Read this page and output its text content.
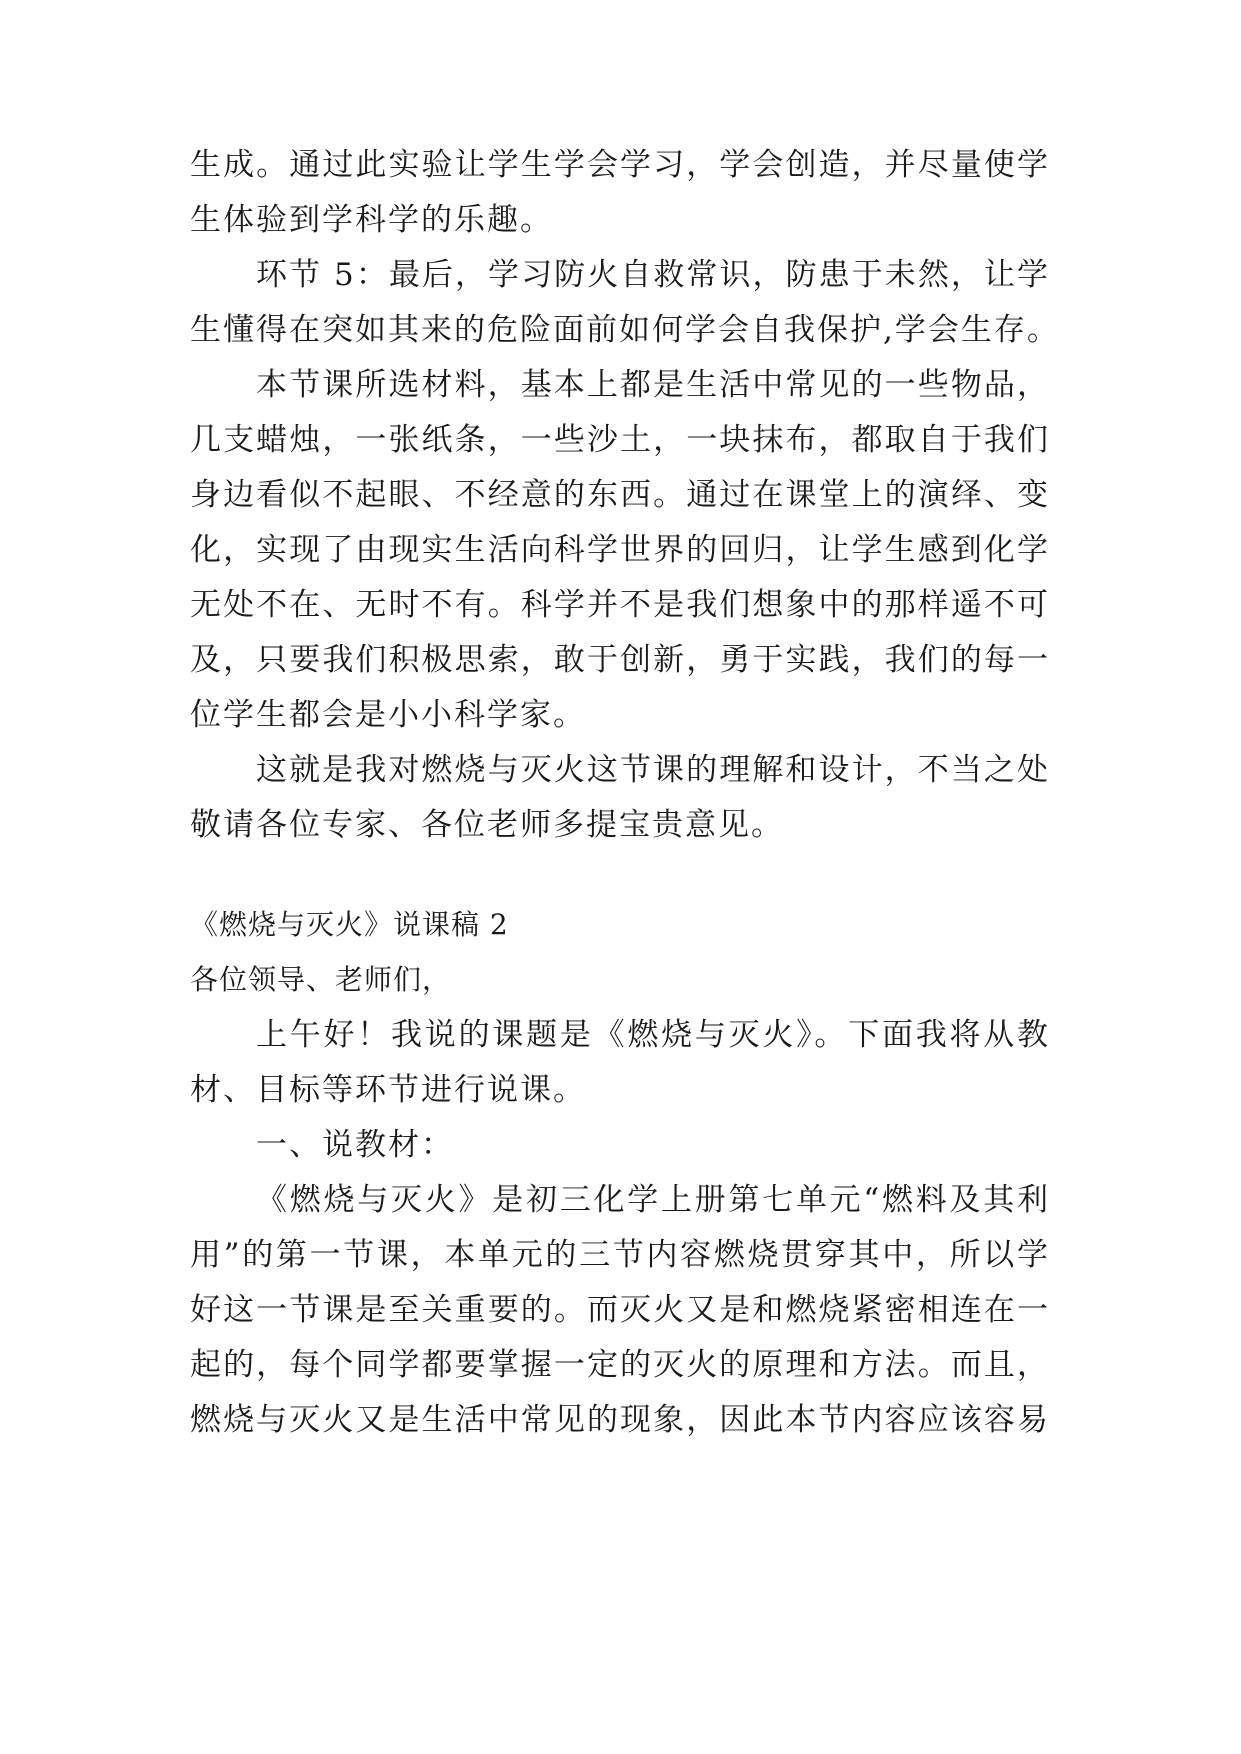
生成。通过此实验让学生学会学习，学会创造，并尽量使学
生体验到学科学的乐趣。
环节 5：最后，学习防火自救常识，防患于未然，让学
生懂得在突如其来的危险面前如何学会自我保护,学会生存。
本节课所选材料，基本上都是生活中常见的一些物品，
几支蜡烛，一张纸条，一些沙土，一块抹布，都取自于我们
身边看似不起眼、不经意的东西。通过在课堂上的演绎、变
化，实现了由现实生活向科学世界的回归，让学生感到化学
无处不在、无时不有。科学并不是我们想象中的那样遥不可
及，只要我们积极思索，敢于创新，勇于实践，我们的每一
位学生都会是小小科学家。
这就是我对燃烧与灭火这节课的理解和设计，不当之处
敬请各位专家、各位老师多提宝贵意见。
《燃烧与灭火》说课稿 2
各位领导、老师们，
上午好！我说的课题是《燃烧与灭火》。下面我将从教
材、目标等环节进行说课。
一、说教材：
《燃烧与灭火》是初三化学上册第七单元“燃料及其利
用”的第一节课，本单元的三节内容燃烧贯穿其中，所以学
好这一节课是至关重要的。而灭火又是和燃烧紧密相连在一
起的，每个同学都要掌握一定的灭火的原理和方法。而且，
燃烧与灭火又是生活中常见的现象，因此本节内容应该容易
